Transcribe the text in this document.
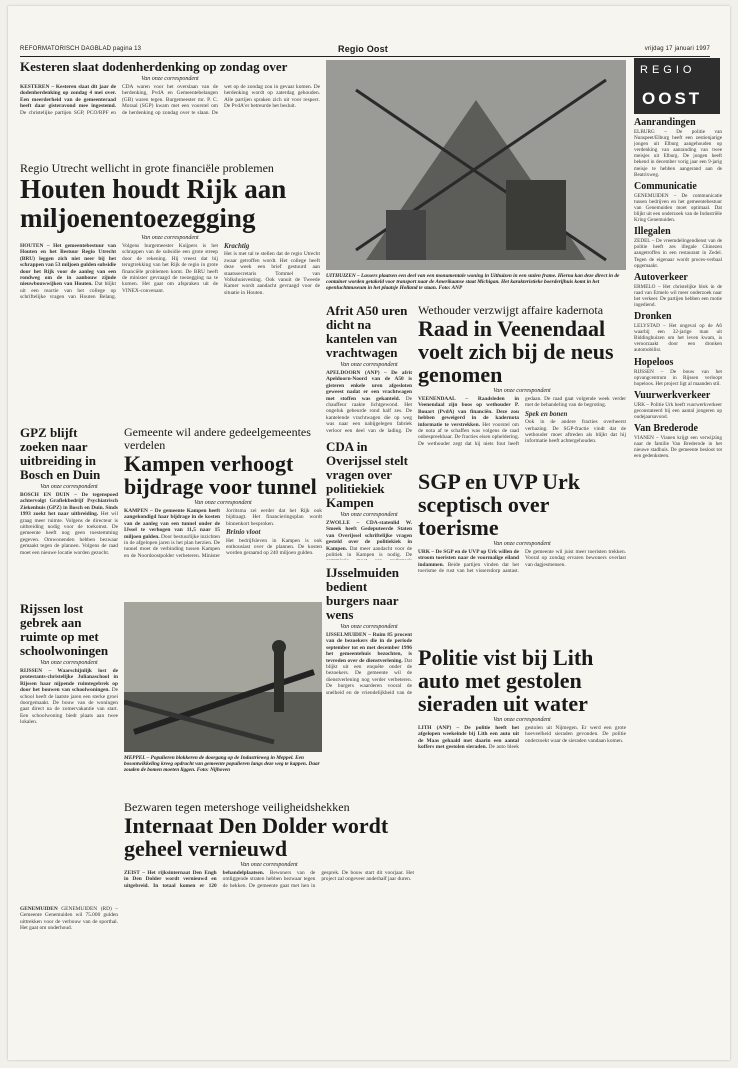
REFORMATORISCH DAGBLAD pagina 13	Regio Oost	vrijdag 17 januari 1997
Kesteren slaat dodenherdenking op zondag over
Van onze correspondent
KESTEREN – Kesteren slaat dit jaar de dodenherdenking op zondag 4 mei over. Een meerderheid van de gemeenteraad heeft daar gisteravond mee ingestemd. De christelijke partijen SGP, PCO/RPF en CDA waren voor het overslaan van de herdenking, PvdA en Gemeentebelangen (GB) waren tegen. Burgemeester mr. P. C. Moraal (SGP) kwam met een voorstel om de herdenking op zondag over te slaan. De wet op de zondag zou in gevaar komen. De herdenking wordt op zaterdag gehouden. Alle partijen spraken zich uit voor respect. De PvdA’er betreurde het besluit.
UITHUIZEN – Lassers plaatsen een deel van een monumentale woning in Uithuizen in een stalen frame. Hierna kan deze direct in de container worden getakeld voor transport naar de Amerikaanse staat Michigan. Het karakteristieke boerderijhuis komt in het openluchtmuseum in het plaatsje Holland te staan. Foto: ANP
REGIO
OOST
Aanrandingen
ELBURG – De politie van Nunspeet/Elburg heeft een zestienjarige jongen uit Elburg aangehouden op verdenking van aanranding van twee meisjes uit Elburg. De jongen heeft bekend in december vorig jaar een 9-jarig meisje te hebben aangerand aan de Beatrixweg.
Communicatie
GENEMUIDEN – De communicatie tussen bedrijven en het gemeentebestuur van Genemuiden moet optimaal. Dat blijkt uit een onderzoek van de Industriële Kring Genemuiden.
Illegalen
ZEDEL – De vreemdelingendienst van de politie heeft zes illegale Chinezen aangetroffen in een restaurant in Zedel. Tegen de eigenaar wordt proces-verbaal opgemaakt.
Autoverkeer
ERMELO – Het christelijke blok in de raad van Ermelo wil meer onderzoek naar het verkeer. De partijen hebben een motie ingediend.
Dronken
LELYSTAD – Het ongeval op de A6 waarbij een 32-jarige man uit Biddinghuizen om het leven kwam, is veroorzaakt door een dronken automobilist.
Hopeloos
RIJSSEN – De bouw van het opvangcentrum in Rijssen verloopt hopeloos. Het project ligt al maanden stil.
Vuurwerkverkeer
URK – Politie Urk heeft vuurwerkverkeer geconstateerd bij een aantal jongeren op oudejaarsavond.
Van Brederode
VIANEN – Vianen krijgt een verwijzing naar de familie Van Brederode in het nieuwe stadhuis. De gemeente besloot tot een gedenksteen.
Regio Utrecht wellicht in grote financiële problemen
Houten houdt Rijk aan miljoenentoezegging
Van onze correspondent
HOUTEN – Het gemeentebestuur van Houten en het Bestuur Regio Utrecht (BRU) leggen zich niet neer bij het schrappen van 53 miljoen gulden subsidie door het Rijk voor de aanleg van een rondweg om de in aanbouw zijnde nieuwbouwwijken van Houten. Dat blijkt uit een reactie van het college op schriftelijke vragen van Houten Belang. Volgens burgemeester Kuijpers is het schrappen van de subsidie een grote streep door de rekening. Hij vreest dat bij terugtrekking van het Rijk de regio in grote financiële problemen komt. De BRU heeft de minister gevraagd de toezegging na te komen. Het gaat om afspraken uit de VINEX-convenant.
Krachtig
Het is met tal te stellen dat de regio Utrecht zwaar getroffen wordt. Het college heeft deze week een brief gestuurd aan staatssecretaris Tommel van Volkshuisvesting. Ook vanuit de Tweede Kamer wordt aandacht gevraagd voor de situatie in Houten.
Afrit A50 uren dicht na kantelen van vrachtwagen
Van onze correspondent
APELDOORN (ANP) – De afrit Apeldoorn-Noord van de A50 is gisteren enkele uren afgesloten geweest nadat er een vrachtwagen met stoffen was gekanteld. De chauffeur raakte lichtgewond. Het ongeluk gebeurde rond half zes. De kantelende vrachtwagen die op weg was naar een nabijgelegen fabriek verloor een deel van de lading. De
Wethouder verzwijgt affaire kadernota
Raad in Veenendaal voelt zich bij de neus genomen
Van onze correspondent
VEENENDAAL – Raadsleden in Veenendaal zijn boos op wethouder P. Bouart (PvdA) van financiën. Deze zou hebben geweigerd in de kadernota informatie te verstrekken. Het voorstel om de nota af te schaffen was volgens de raad onbespreekbaar. De fracties eisen opheldering. De wethouder zegt dat hij niets fout heeft gedaan. De raad gaat volgende week verder met de behandeling van de begroting.
Spek en bonen
Ook in de andere fracties overheerst verbazing. De SGP-fractie vindt dat de wethouder moet aftreden als blijkt dat hij informatie heeft achtergehouden.
GPZ blijft zoeken naar uitbreiding in Bosch en Duin
Van onze correspondent
BOSCH EN DUIN – De tegenspoed achtervolgt Grafiekbedrijf Psychiatrisch Ziekenhuis (GPZ) in Bosch en Duin. Sinds 1993 zoekt het naar uitbreiding. Het wil graag meer ruimte. Volgens de directeur is uitbreiding nodig voor de toekomst. De gemeente heeft nog geen toestemming gegeven. Omwonenden hebben bezwaar gemaakt tegen de plannen. Volgens de raad moet een nieuwe locatie worden gezocht.
Gemeente wil andere gedeelgemeentes verdelen
Kampen verhoogt bijdrage voor tunnel
Van onze correspondent
KAMPEN – De gemeente Kampen heeft aangekondigd haar bijdrage in de kosten van de aanleg van een tunnel onder de IJssel te verhogen van 11,5 naar 15 miljoen gulden. Door bestuurlijke inzichten in de afgelopen jaren is het plan herzien. De tunnel moet de verbinding tussen Kampen en de Noordoostpolder verbeteren. Minister Jorritsma zei eerder dat het Rijk ook bijdraagt. Het financieringsplan wordt binnenkort besproken.
Brinio vloot
Het bedrijfsleven in Kampen is ook enthousiast over de plannen. De kosten worden geraamd op 240 miljoen gulden.
CDA in Overijssel stelt vragen over politiekiek Kampen
Van onze correspondent
ZWOLLE – CDA-statenlid W. Smeek heeft Gedeputeerde Staten van Overijssel schriftelijke vragen gesteld over de politiekiek in Kampen. Dat meer aandacht voor de politiek in Kampen is nodig. De
IJsselmuiden bedient burgers naar wens
Van onze correspondent
IJSSELMUIDEN – Ruim 85 procent van de bezoekers die in de periode september tot en met december 1996 het gemeentehuis bezochten, is tevreden over de dienstverlening. Dat blijkt uit een enquête onder de bezoekers. De gemeente wil de dienstverlening nog verder verbeteren. De burgers waarderen vooral de snelheid en de vriendelijkheid van de
SGP en UVP Urk sceptisch over toerisme
Van onze correspondent
URK – De SGP en de UVP op Urk willen de stroom toeristen naar de voormalige eiland indammen. Beide partijen vinden dat het toerisme de rust van het vissersdorp aantast. De gemeente wil juist meer toeristen trekken. Vooral op zondag ervaren bewoners overlast van dagjesmensen.
MEPPEL – Populieren blokkeren de doorgang op de Industrieweg in Meppel. Een bosontwikkeling kreeg opdracht van gemeente populieren langs deze weg te kappen. Daar zouden de bomen moeten liggen. Foto: Nijhoven
Rijssen lost gebrek aan ruimte op met schoolwoningen
Van onze correspondent
RIJSSEN – Waarschijnlijk lost de protestants-christelijke Julianaschool in Rijssen haar nijpende ruimtegebrek op door het bouwen van schoolwoningen. De school heeft de laatste jaren een sterke groei doorgemaakt. De bouw van de woningen gaat direct na de zomervakantie van start. Een schoolwoning biedt plaats aan twee lokalen.
GENEMUIDEN GENEMUIDEN (RD) – Gemeente Genemuiden wil 75.000 gulden uittrekken voor de verbouw van de sporthal. Het gaat om onderhoud.
Politie vist bij Lith auto met gestolen sieraden uit water
Van onze correspondent
LITH (ANP) – De politie heeft het afgelopen weekeinde bij Lith een auto uit de Maas gehaald met daarin een aantal koffers met gestolen sieraden. De auto bleek gestolen uit Nijmegen. Er werd een grote hoeveelheid sieraden gevonden. De politie onderzoekt waar de sieraden vandaan komen.
Bezwaren tegen metershoge veiligheidshekken
Internaat Den Dolder wordt geheel vernieuwd
Van onze correspondent
ZEIST – Het rijksinternaat Den Engh in Den Dolder wordt vernieuwd en uitgebreid. In totaal komen er 120 behandelplaatsen. Bewoners van de omliggende straten hebben bezwaar tegen de hekken. De gemeente gaat met hen in gesprek. De bouw start dit voorjaar. Het project zal ongeveer anderhalf jaar duren.
